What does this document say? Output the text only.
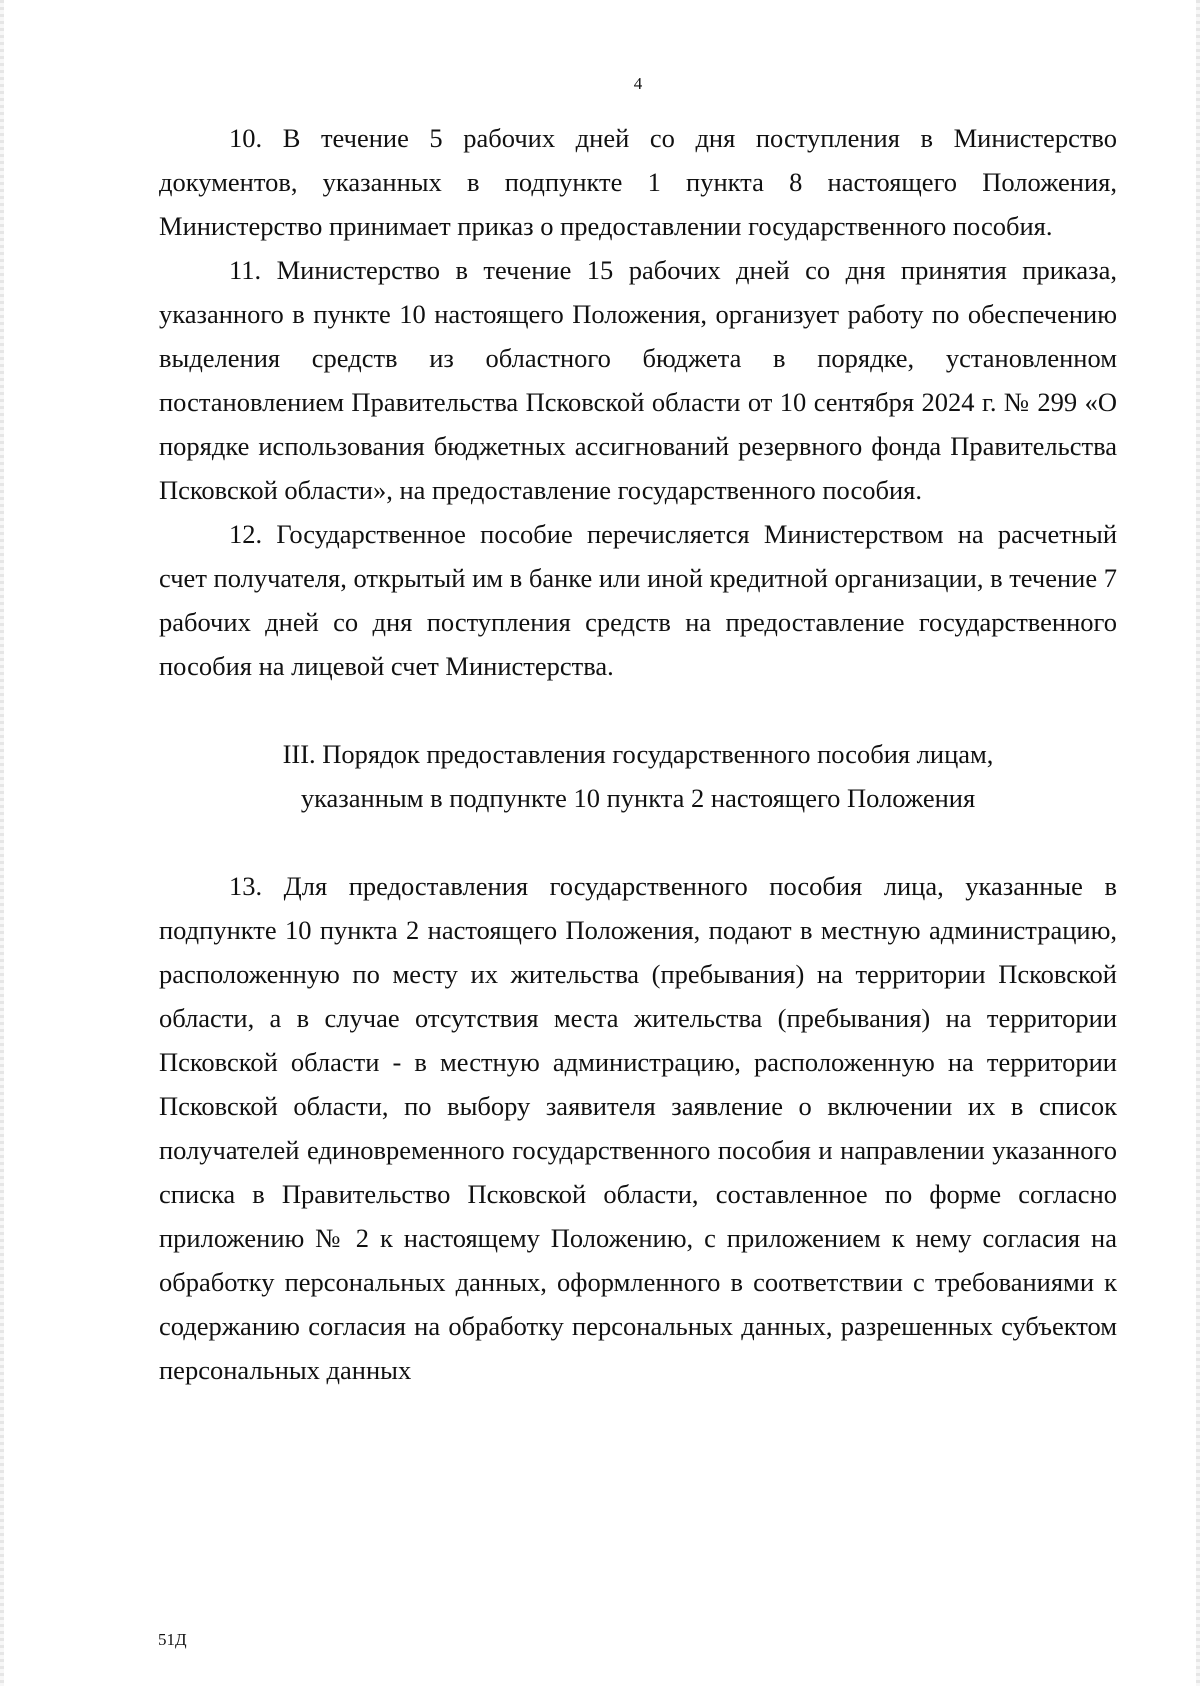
4

10. В течение 5 рабочих дней со дня поступления в Министерство документов, указанных в подпункте 1 пункта 8 настоящего Положения, Министерство принимает приказ о предоставлении государственного пособия.

11. Министерство в течение 15 рабочих дней со дня принятия приказа, указанного в пункте 10 настоящего Положения, организует работу по обеспечению выделения средств из областного бюджета в порядке, установленном постановлением Правительства Псковской области от 10 сентября 2024 г. № 299 «О порядке использования бюджетных ассигнований резервного фонда Правительства Псковской области», на предоставление государственного пособия.

12. Государственное пособие перечисляется Министерством на расчетный счет получателя, открытый им в банке или иной кредитной организации, в течение 7 рабочих дней со дня поступления средств на предоставление государственного пособия на лицевой счет Министерства.

III. Порядок предоставления государственного пособия лицам,
указанным в подпункте 10 пункта 2 настоящего Положения

13. Для предоставления государственного пособия лица, указанные в подпункте 10 пункта 2 настоящего Положения, подают в местную администрацию, расположенную по месту их жительства (пребывания) на территории Псковской области, а в случае отсутствия места жительства (пребывания) на территории Псковской области - в местную администрацию, расположенную на территории Псковской области, по выбору заявителя заявление о включении их в список получателей единовременного государственного пособия и направлении указанного списка в Правительство Псковской области, составленное по форме согласно приложению № 2 к настоящему Положению, с приложением к нему согласия на обработку персональных данных, оформленного в соответствии с требованиями к содержанию согласия на обработку персональных данных, разрешенных субъектом персональных данных

51Д
